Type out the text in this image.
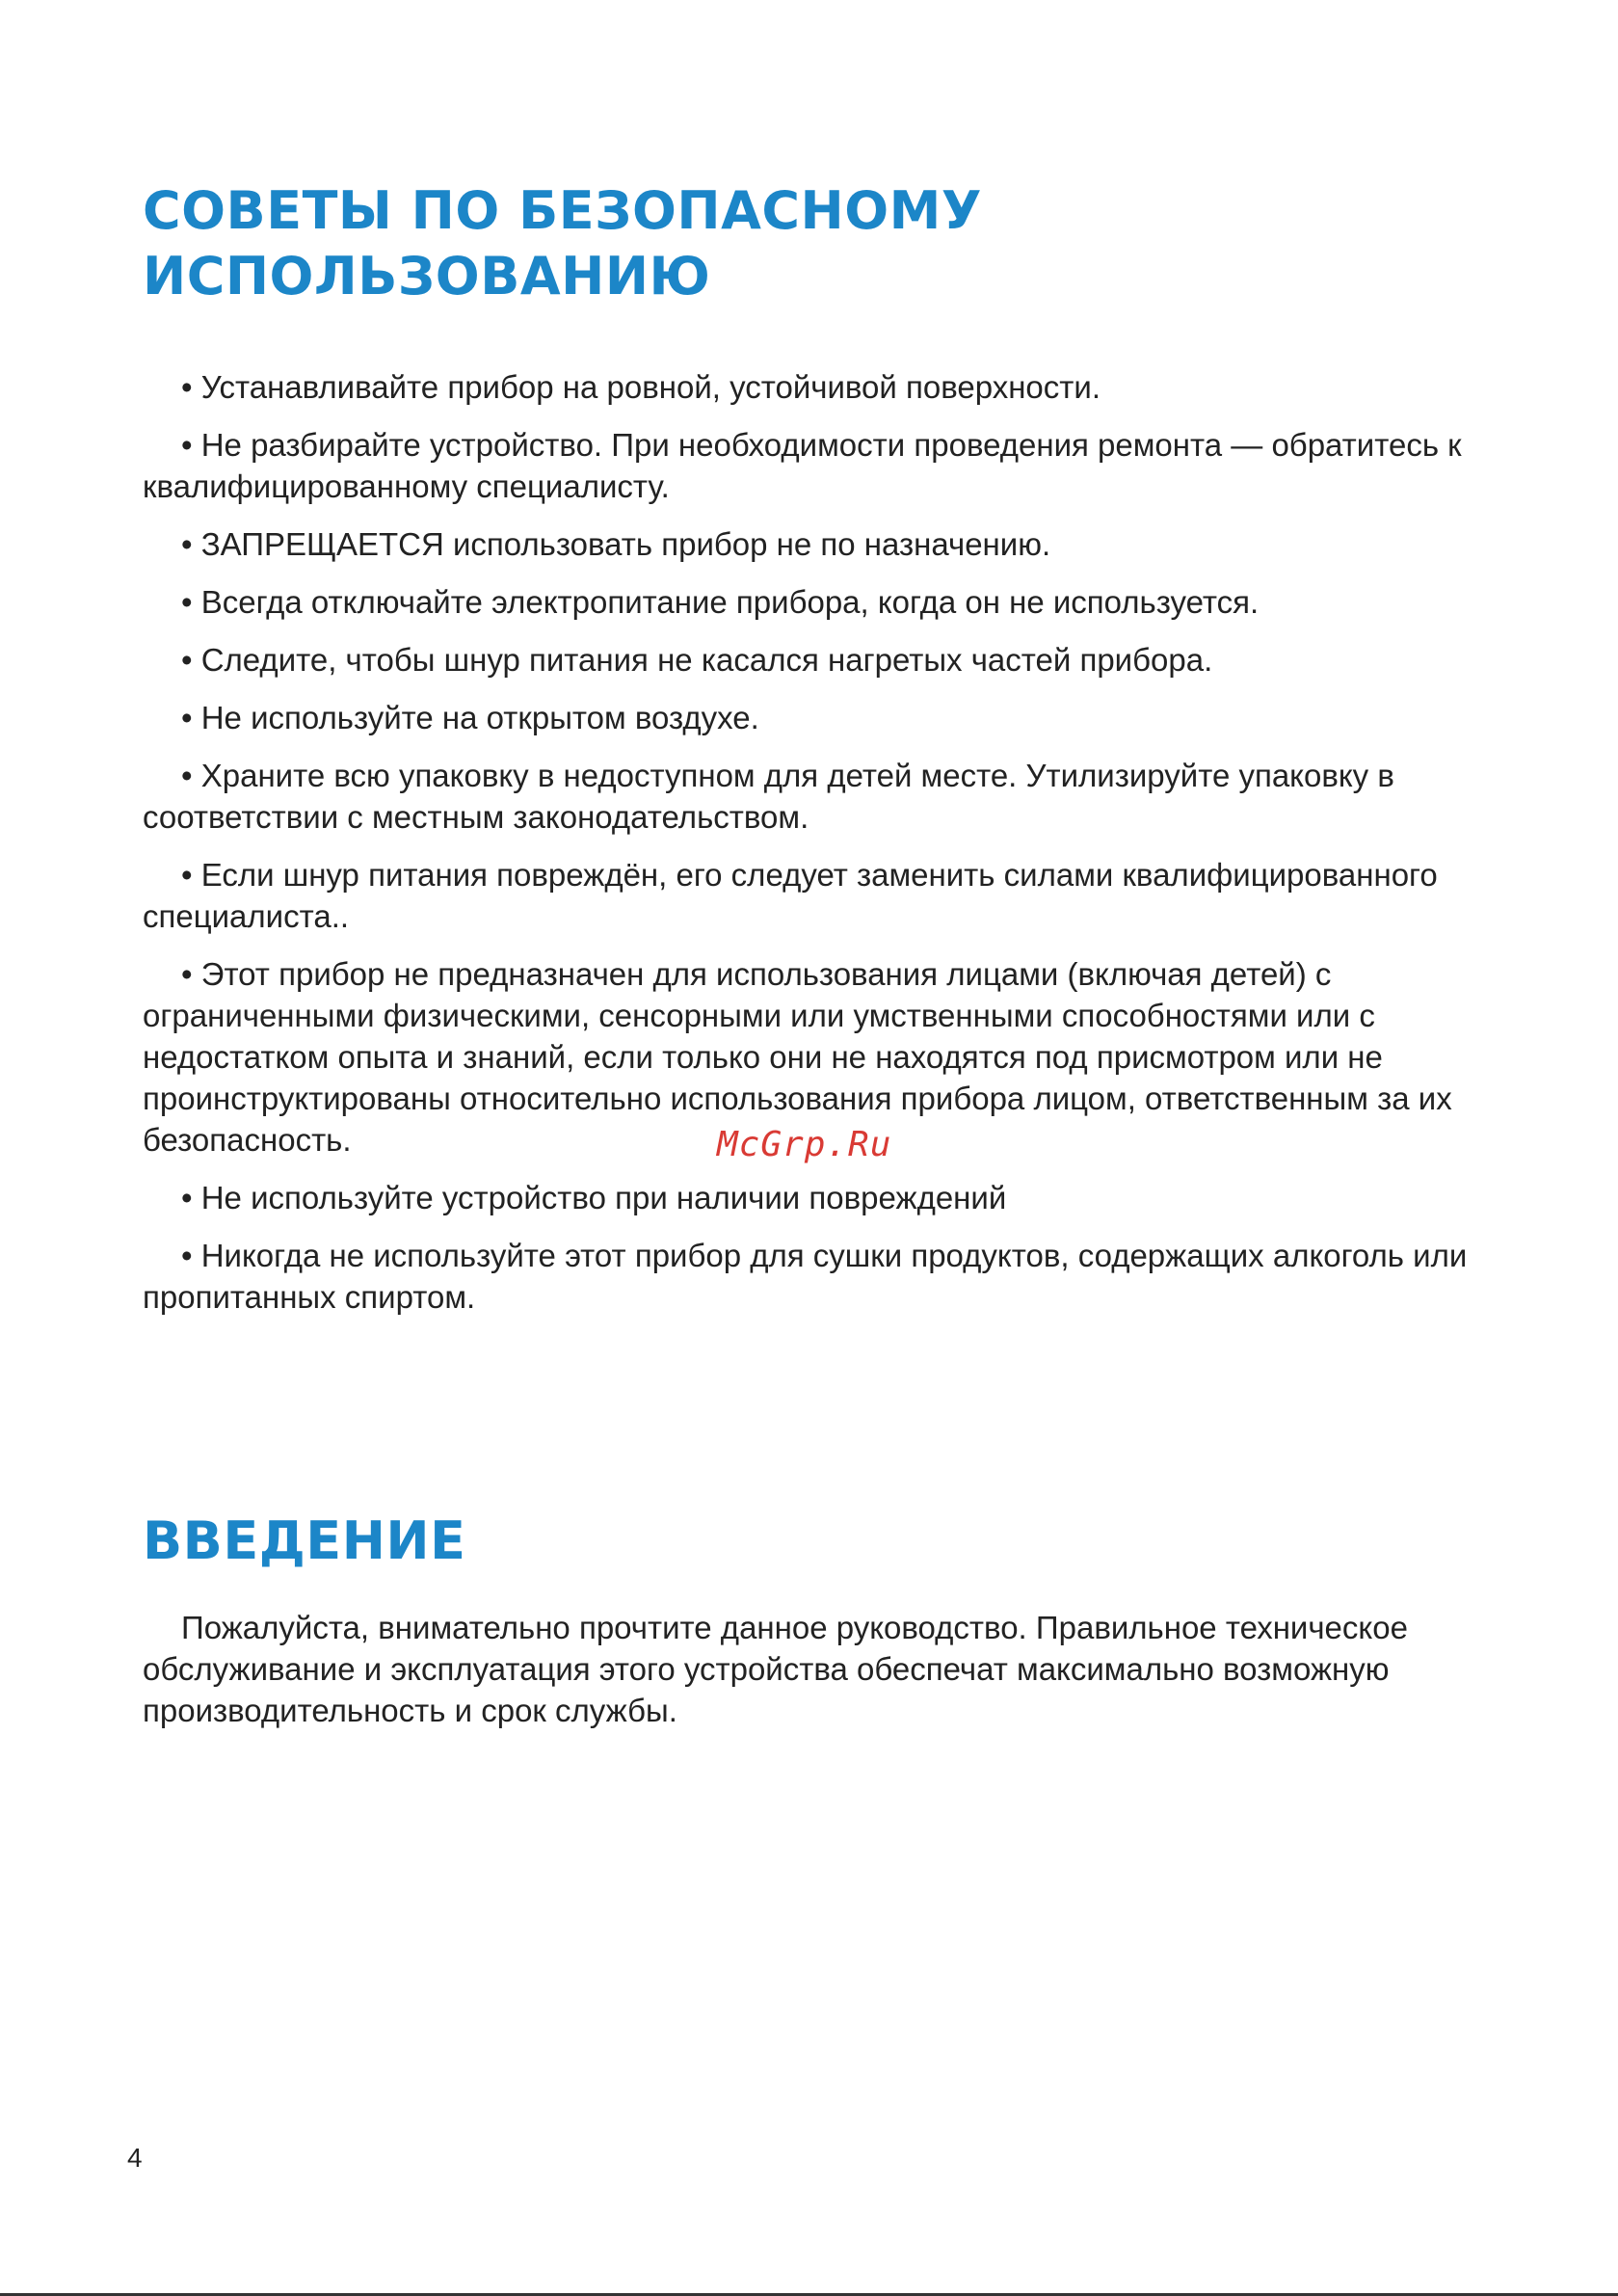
СОВЕТЫ ПО БЕЗОПАСНОМУ ИСПОЛЬЗОВАНИЮ

• Устанавливайте прибор на ровной, устойчивой поверхности.

• Не разбирайте устройство. При необходимости проведения ремонта — обратитесь к квалифицированному специалисту.

• ЗАПРЕЩАЕТСЯ использовать прибор не по назначению.

• Всегда отключайте электропитание прибора, когда он не используется.

• Следите, чтобы шнур питания не касался нагретых частей прибора.

• Не используйте на открытом воздухе.

• Храните всю упаковку в недоступном для детей месте. Утилизируйте упаковку в соответствии с местным законодательством.

• Если шнур питания повреждён, его следует заменить силами квалифицированного специалиста..

• Этот прибор не предназначен для использования лицами (включая детей) с ограниченными физическими, сенсорными или умственными способностями или с недостатком опыта и знаний, если только они не находятся под присмотром или не проинструктированы относительно использования прибора лицом, ответственным за их безопасность.

• Не используйте устройство при наличии повреждений

• Никогда не используйте этот прибор для сушки продуктов, содержащих алкоголь или пропитанных спиртом.

McGrp.Ru
ВВЕДЕНИЕ

Пожалуйста, внимательно прочтите данное руководство. Правильное техническое обслуживание и эксплуатация этого устройства обеспечат максимально возможную производительность и срок службы.

4
